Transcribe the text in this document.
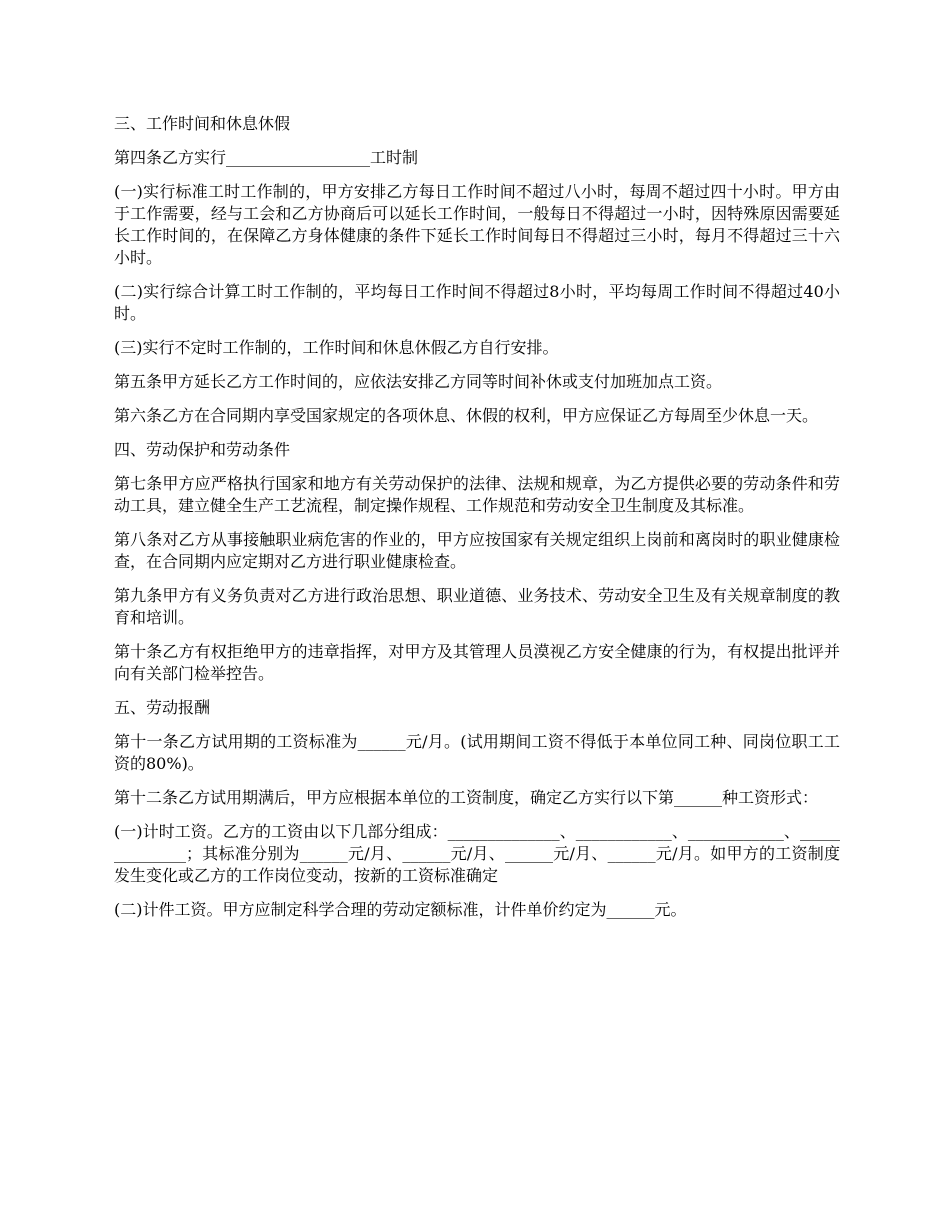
三、工作时间和休息休假

第四条乙方实行__________________工时制

(一)实行标准工时工作制的，甲方安排乙方每日工作时间不超过八小时，每周不超过四十小时。甲方由于工作需要，经与工会和乙方协商后可以延长工作时间，一般每日不得超过一小时，因特殊原因需要延长工作时间的，在保障乙方身体健康的条件下延长工作时间每日不得超过三小时，每月不得超过三十六小时。

(二)实行综合计算工时工作制的，平均每日工作时间不得超过8小时，平均每周工作时间不得超过40小时。

(三)实行不定时工作制的，工作时间和休息休假乙方自行安排。

第五条甲方延长乙方工作时间的，应依法安排乙方同等时间补休或支付加班加点工资。

第六条乙方在合同期内享受国家规定的各项休息、休假的权利，甲方应保证乙方每周至少休息一天。

四、劳动保护和劳动条件

第七条甲方应严格执行国家和地方有关劳动保护的法律、法规和规章，为乙方提供必要的劳动条件和劳动工具，建立健全生产工艺流程，制定操作规程、工作规范和劳动安全卫生制度及其标准。

第八条对乙方从事接触职业病危害的作业的，甲方应按国家有关规定组织上岗前和离岗时的职业健康检查，在合同期内应定期对乙方进行职业健康检查。

第九条甲方有义务负责对乙方进行政治思想、职业道德、业务技术、劳动安全卫生及有关规章制度的教育和培训。

第十条乙方有权拒绝甲方的违章指挥，对甲方及其管理人员漠视乙方安全健康的行为，有权提出批评并向有关部门检举控告。

五、劳动报酬

第十一条乙方试用期的工资标准为______元/月。(试用期间工资不得低于本单位同工种、同岗位职工工资的80%)。

第十二条乙方试用期满后，甲方应根据本单位的工资制度，确定乙方实行以下第______种工资形式：

(一)计时工资。乙方的工资由以下几部分组成：______________、____________、____________、______________；其标准分别为______元/月、______元/月、______元/月、______元/月。如甲方的工资制度发生变化或乙方的工作岗位变动，按新的工资标准确定

(二)计件工资。甲方应制定科学合理的劳动定额标准，计件单价约定为______元。
